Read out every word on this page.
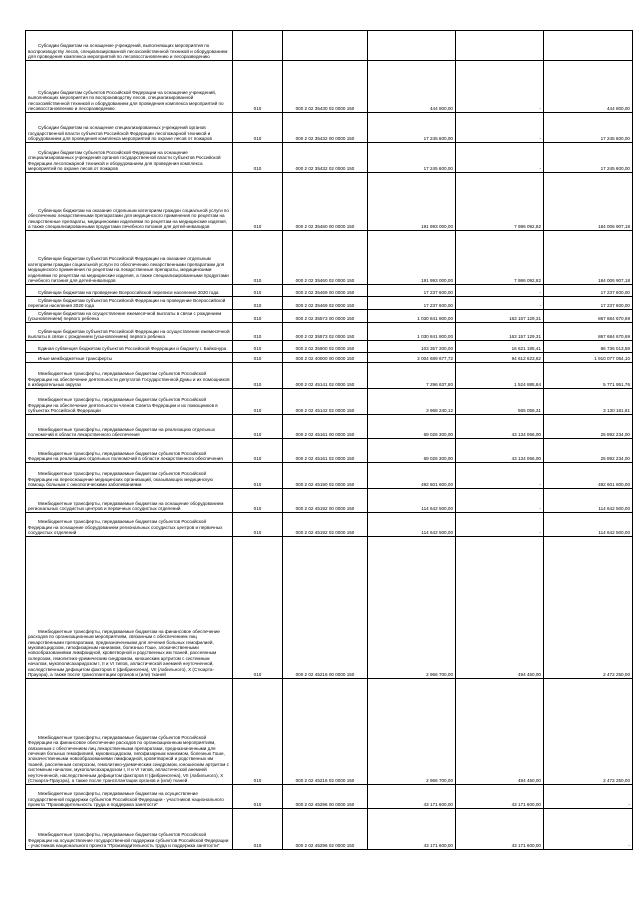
Субсидии бюджетам на оснащение учреждений, выполняющих мероприятия по воспроизводству лесов, специализированной лесохозяйственной техникой и оборудованием для проведения комплекса мероприятий по лесовосстановлению и лесоразведению					
Субсидии бюджетам субъектов Российской Федерации на оснащение учреждений, выполняющих мероприятия по воспроизводству лесов, специализированной лесохозяйственной техникой и оборудованием для проведения комплекса мероприятий по лесовосстановлению и лесоразведению	010	000 2 02 35430 02 0000 150	444 800,00	-	444 800,00
Субсидии бюджетам на оснащение специализированных учреждений органов государственной власти субъектов Российской Федерации лесопожарной техникой и оборудованием для проведения комплекса мероприятий по охране лесов от пожаров	010	000 2 02 35432 00 0000 150	17 245 600,00	-	17 245 600,00
Субсидии бюджетам субъектов Российской Федерации на оснащение специализированных учреждений органов государственной власти субъектов Российской Федерации лесопожарной техникой и оборудованием для проведения комплекса мероприятий по охране лесов от пожаров	010	000 2 02 35432 02 0000 150	17 245 600,00	-	17 245 600,00
Субвенции бюджетам на оказание отдельным категориям граждан социальной услуги по обеспечению лекарственными препаратами для медицинского применения по рецептам на лекарственные препараты, медицинскими изделиями по рецептам на медицинские изделия, а также специализированными продуктами лечебного питания для детей-инвалидов	010	000 2 02 35460 00 0000 150	191 993 000,00	7 986 092,82	184 006 907,18
Субвенции бюджетам субъектов Российской Федерации на оказание отдельным категориям граждан социальной услуги по обеспечению лекарственными препаратами для медицинского применения по рецептам на лекарственные препараты, медицинскими изделиями по рецептам на медицинские изделия, а также специализированными продуктами лечебного питания для детей-инвалидов	010	000 2 02 35460 02 0000 150	191 993 000,00	7 986 092,82	184 006 907,18
Субвенции бюджетам на проведение Всероссийской переписи населения 2020 года	010	000 2 02 35469 00 0000 150	17 237 600,00	-	17 237 600,00
Субвенции бюджетам субъектов Российской Федерации на проведение Всероссийской переписи населения 2020 года	010	000 2 02 35469 02 0000 150	17 237 600,00	-	17 237 600,00
Субвенции бюджетам на осуществление ежемесячной выплаты в связи с рождением (усыновлением) первого ребенка	010	000 2 02 35573 00 0000 150	1 030 841 800,00	163 157 129,31	867 684 670,69
Субвенции бюджетам субъектов Российской Федерации на осуществление ежемесячной выплаты в связи с рождением (усыновлением) первого ребенка	010	000 2 02 35573 02 0000 150	1 030 841 800,00	163 157 129,31	867 684 670,69
Единая субвенция бюджетам субъектов Российской Федерации и бюджету г. Байконура	010	000 2 02 35900 02 0000 150	103 357 200,00	16 621 185,41	86 736 013,59
Иные межбюджетные трансферты	010	000 2 02 40000 00 0000 150	2 004 689 677,72	94 612 623,62	1 910 077 054,10
Межбюджетные трансферты, передаваемые бюджетам субъектов Российской Федерации на обеспечение деятельности депутатов Государственной Думы и их помощников в избирательных округах	010	000 2 02 45141 02 0000 150	7 296 637,80	1 524 885,84	5 771 951,76
Межбюджетные трансферты, передаваемые бюджетам субъектов Российской Федерации на обеспечение деятельности членов Совета Федерации и их помощников в субъектах Российской Федерации	010	000 2 02 45142 02 0000 150	3 968 240,12	565 058,31	3 130 181,81
Межбюджетные трансферты, передаваемые бюджетам на реализацию отдельных полномочий в области лекарственного обеспечения	010	000 2 02 45161 00 0000 150	69 026 300,00	43 134 066,00	25 892 234,00
Межбюджетные трансферты, передаваемые бюджетам субъектов Российской Федерации на реализацию отдельных полномочий в области лекарственного обеспечения	010	000 2 02 45161 02 0000 150	69 026 300,00	43 134 066,00	25 892 234,00
Межбюджетные трансферты, передаваемые бюджетам субъектов Российской Федерации на переоснащение медицинских организаций, оказывающих медицинскую помощь больным с онкологическими заболеваниями	010	000 2 02 45190 02 0000 150	492 601 600,00	-	492 601 600,00
Межбюджетные трансферты, передаваемые бюджетам на оснащение оборудованием региональных сосудистых центров и первичных сосудистых отделений	010	000 2 02 45192 00 0000 150	114 642 500,00	-	114 642 500,00
Межбюджетные трансферты, передаваемые бюджетам субъектов Российской Федерации на оснащение оборудованием региональных сосудистых центров и первичных сосудистых отделений	010	000 2 02 45192 02 0000 150	114 642 500,00	-	114 642 500,00
Межбюджетные трансферты, передаваемые бюджетам на финансовое обеспечение расходов по организационным мероприятиям, связанным с обеспечением лиц лекарственными препаратами, предназначенными для лечения больных гемофилией, муковисцидозом, гипофизарным нанизмом, болезнью Гоше, злокачественными новообразованиями лимфоидной, кроветворной и родственных им тканей, рассеянным склерозом, гемолитико-уремическим синдромом, юношеским артритом с системным началом, мукополисахаридозом I, II и VI типов, апластической анемией неуточненной, наследственным дефицитом факторов II (фибриногена), VII (лабильного), X (Стюарта-Прауэра), а также после трансплантации органов и (или) тканей	010	000 2 02 45216 00 0000 150	2 966 700,00	494 450,00	2 472 250,00
Межбюджетные трансферты, передаваемые бюджетам субъектов Российской Федерации на финансовое обеспечение расходов по организационным мероприятиям, связанным с обеспечением лиц лекарственными препаратами, предназначенными для лечения больных гемофилией, муковисцидозом, гипофизарным нанизмом, болезнью Гоше, злокачественными новообразованиями лимфоидной, кроветворной и родственных им тканей, рассеянным склерозом, гемолитико-уремическим синдромом, юношеским артритом с системным началом, мукополисахаридозом I, II и VI типов, апластической анемией неуточненной, наследственным дефицитом факторов II (фибриногена), VII (лабильного), X (Стюарта-Прауэра), а также после трансплантации органов и (или) тканей	010	000 2 02 45216 02 0000 150	2 966 700,00	494 450,00	2 472 250,00
Межбюджетные трансферты, передаваемые бюджетам на осуществление государственной поддержки субъектов Российской Федерации - участников национального проекта "Производительность труда и поддержка занятости"	010	000 2 02 45296 00 0000 150	43 171 600,00	43 171 600,00	-
Межбюджетные трансферты, передаваемые бюджетам субъектов Российской Федерации на осуществление государственной поддержки субъектов Российской Федерации - участников национального проекта "Производительность труда и поддержка занятости"	010	000 2 02 45296 02 0000 150	43 171 600,00	43 171 600,00	-
